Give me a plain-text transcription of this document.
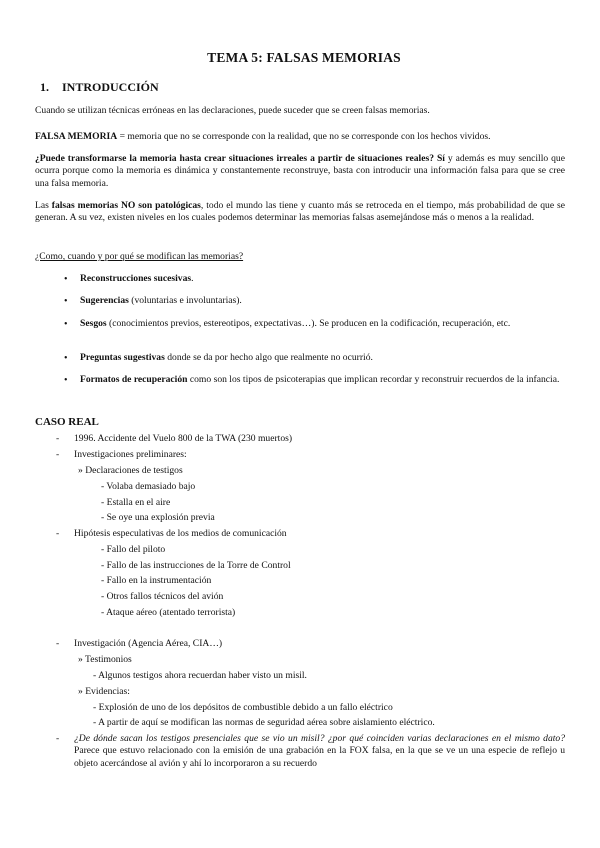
TEMA 5: FALSAS MEMORIAS
1. INTRODUCCIÓN

Cuando se utilizan técnicas erróneas en las declaraciones, puede suceder que se creen falsas memorias.

FALSA MEMORIA = memoria que no se corresponde con la realidad, que no se corresponde con los hechos vividos.

¿Puede transformarse la memoria hasta crear situaciones irreales a partir de situaciones reales? Sí y además es muy sencillo que ocurra porque como la memoria es dinámica y constantemente reconstruye, basta con introducir una información falsa para que se cree una falsa memoria.

Las falsas memorias NO son patológicas, todo el mundo las tiene y cuanto más se retroceda en el tiempo, más probabilidad de que se generan. A su vez, existen niveles en los cuales podemos determinar las memorias falsas asemejándose más o menos a la realidad.

¿Como, cuando y por qué se modifican las memorias?

•	Reconstrucciones sucesivas.

•	Sugerencias (voluntarias e involuntarias).

•	Sesgos (conocimientos previos, estereotipos, expectativas…). Se producen en la codificación, recuperación, etc.

•	Preguntas sugestivas donde se da por hecho algo que realmente no ocurrió.

•	Formatos de recuperación como son los tipos de psicoterapias que implican recordar y reconstruir recuerdos de la infancia.

CASO REAL
- 1996. Accidente del Vuelo 800 de la TWA (230 muertos)
- Investigaciones preliminares:
» Declaraciones de testigos
- Volaba demasiado bajo
- Estalla en el aire
- Se oye una explosión previa
- Hipótesis especulativas de los medios de comunicación
- Fallo del piloto
- Fallo de las instrucciones de la Torre de Control
- Fallo en la instrumentación
- Otros fallos técnicos del avión
- Ataque aéreo (atentado terrorista)
- Investigación (Agencia Aérea, CIA…)
» Testimonios
- Algunos testigos ahora recuerdan haber visto un misil.
» Evidencias:
- Explosión de uno de los depósitos de combustible debido a un fallo eléctrico
- A partir de aquí se modifican las normas de seguridad aérea sobre aislamiento eléctrico.
- ¿De dónde sacan los testigos presenciales que se vio un misil? ¿por qué coinciden varias declaraciones en el mismo dato? Parece que estuvo relacionado con la emisión de una grabación en la FOX falsa, en la que se ve un una especie de reflejo u objeto acercándose al avión y ahí lo incorporaron a su recuerdo
